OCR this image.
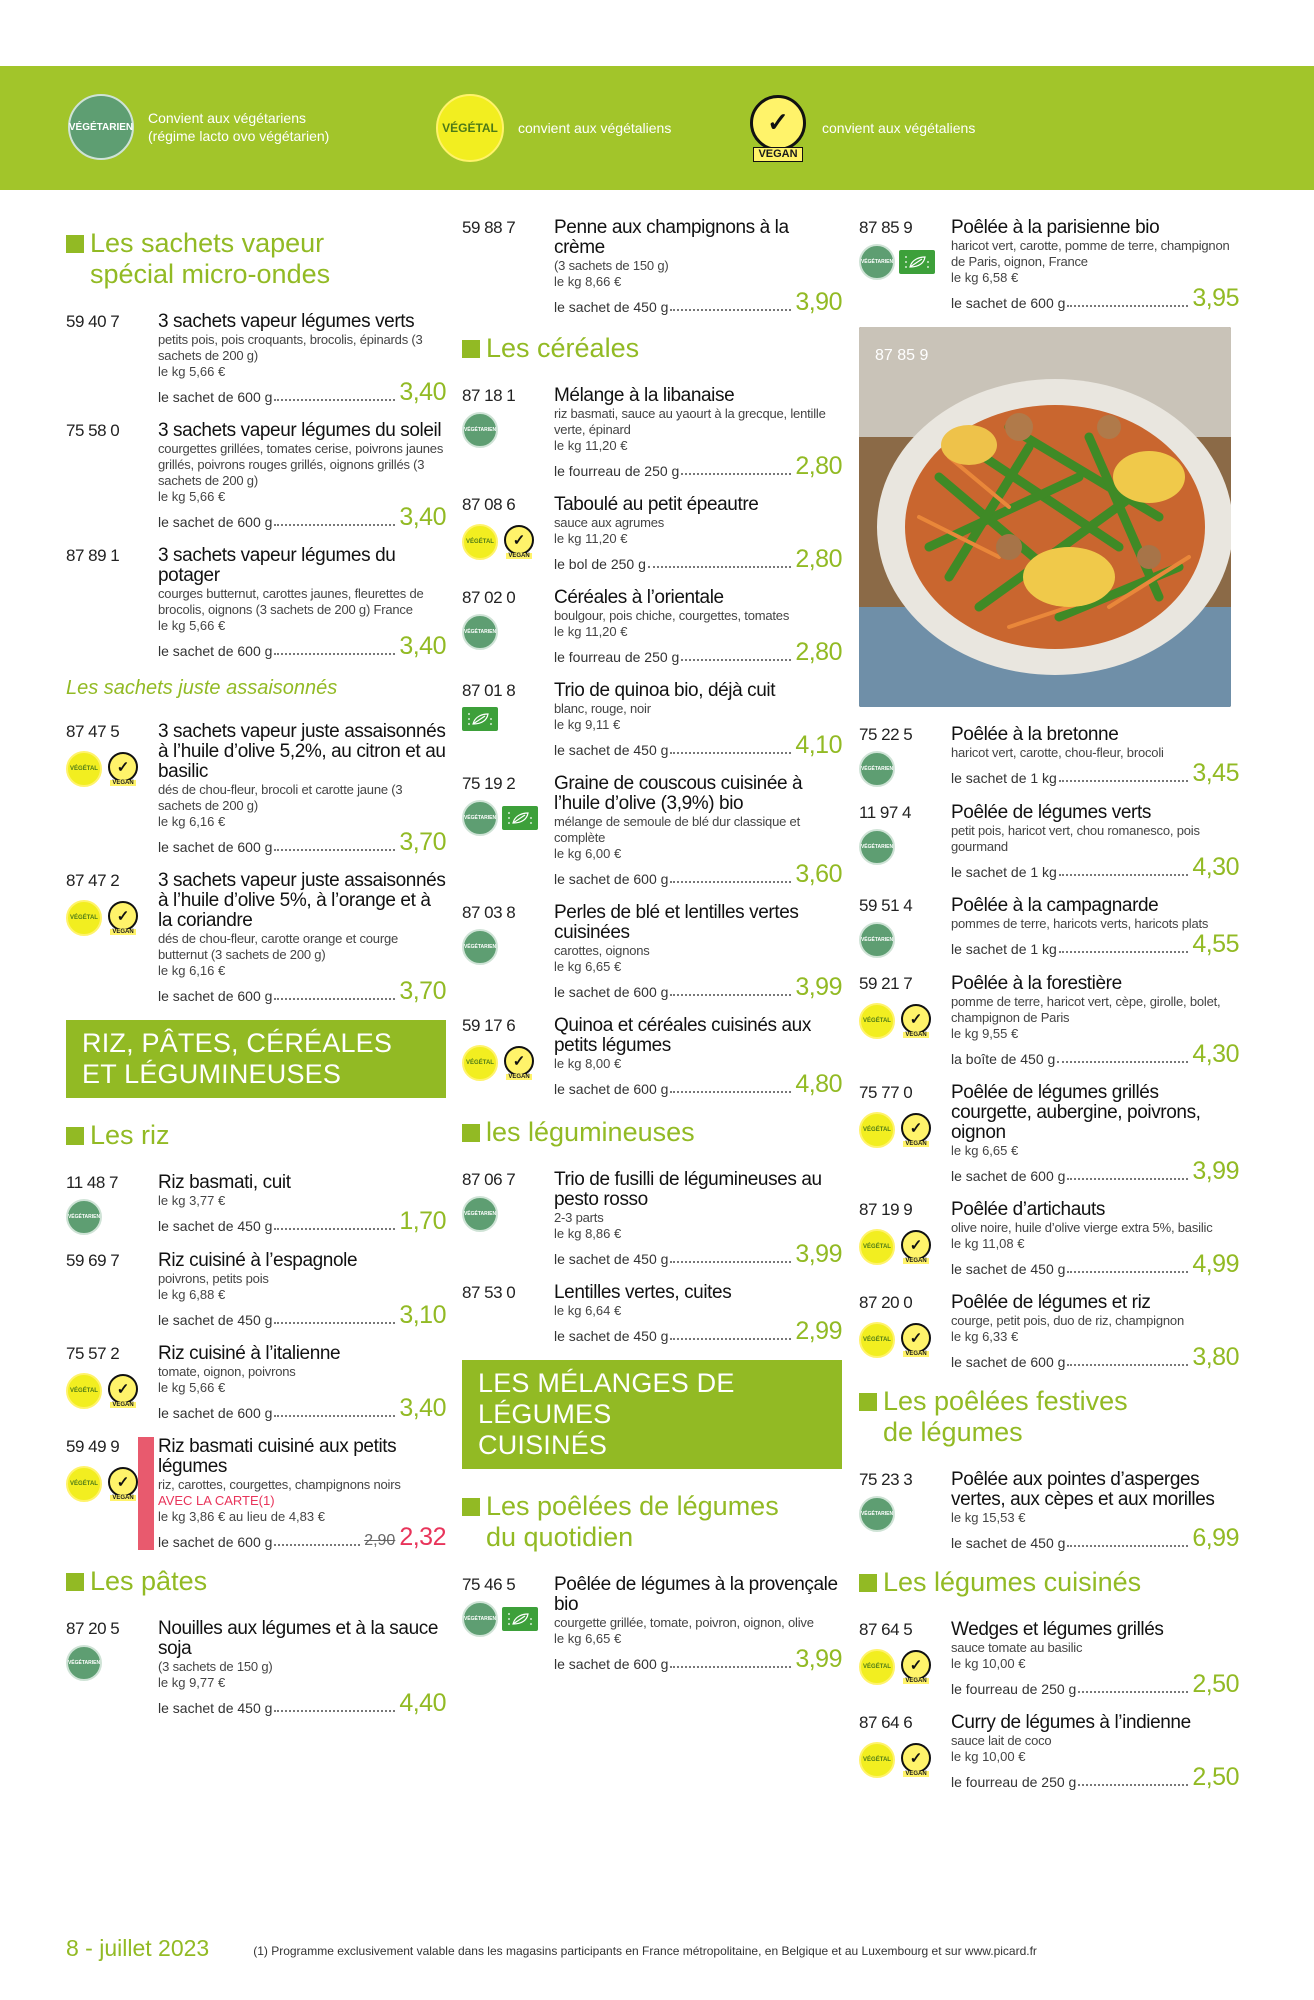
VÉGÉTARIEN
Convient aux végétariens
(régime lacto ovo végétarien)	VÉGÉTAL convient aux végétaliens	✓
VEGAN
convient aux végétaliens
Les sachets vapeur
spécial micro-ondes
59 40 7	3 sachets vapeur légumes verts
petits pois, pois croquants, brocolis, épinards (3 sachets de 200 g)
le kg 5,66 €
le sachet de 600 g	3,40
75 58 0	3 sachets vapeur légumes du soleil
courgettes grillées, tomates cerise, poivrons jaunes grillés, poivrons rouges grillés, oignons grillés (3 sachets de 200 g)
le kg 5,66 €
le sachet de 600 g	3,40
87 89 1	3 sachets vapeur légumes du potager
courges butternut, carottes jaunes, fleurettes de brocolis, oignons (3 sachets de 200 g) France
le kg 5,66 €
le sachet de 600 g	3,40
Les sachets juste assaisonnés
87 47 5
VÉGÉTAL	✓
VEGAN
3 sachets vapeur juste assaisonnés à l’huile d’olive 5,2%, au citron et au basilic
dés de chou-fleur, brocoli et carotte jaune (3 sachets de 200 g)
le kg 6,16 €
le sachet de 600 g	3,70
87 47 2
VÉGÉTAL	✓
VEGAN
3 sachets vapeur juste assaisonnés à l’huile d’olive 5%, à l’orange et à la coriandre
dés de chou-fleur, carotte orange et courge butternut (3 sachets de 200 g)
le kg 6,16 €
le sachet de 600 g	3,70
RIZ, PÂTES, CÉRÉALES
ET LÉGUMINEUSES
Les riz
11 48 7
VÉGÉTARIEN
Riz basmati, cuit
le kg 3,77 €
le sachet de 450 g	1,70
59 69 7	Riz cuisiné à l’espagnole
poivrons, petits pois
le kg 6,88 €
le sachet de 450 g	3,10
75 57 2
VÉGÉTAL	✓
VEGAN
Riz cuisiné à l’italienne
tomate, oignon, poivrons
le kg 5,66 €
le sachet de 600 g	3,40
59 49 9
VÉGÉTAL	✓
VEGAN
Riz basmati cuisiné aux petits légumes
riz, carottes, courgettes, champignons noirs
AVEC LA CARTE(1)
le kg 3,86 € au lieu de 4,83 €
le sachet de 600 g	2,90 2,32
Les pâtes
87 20 5
VÉGÉTARIEN
Nouilles aux légumes et à la sauce soja
(3 sachets de 150 g)
le kg 9,77 €
le sachet de 450 g	4,40
59 88 7	Penne aux champignons à la crème
(3 sachets de 150 g)
le kg 8,66 €
le sachet de 450 g	3,90
Les céréales
87 18 1
VÉGÉTARIEN
Mélange à la libanaise
riz basmati, sauce au yaourt à la grecque, lentille verte, épinard
le kg 11,20 €
le fourreau de 250 g	2,80
87 08 6
VÉGÉTAL	✓
VEGAN
Taboulé au petit épeautre
sauce aux agrumes
le kg 11,20 €
le bol de 250 g	2,80
87 02 0
VÉGÉTARIEN
Céréales à l’orientale
boulgour, pois chiche, courgettes, tomates
le kg 11,20 €
le fourreau de 250 g	2,80
87 01 8	Trio de quinoa bio, déjà cuit
blanc, rouge, noir
le kg 9,11 €
le sachet de 450 g	4,10
75 19 2
VÉGÉTARIEN
Graine de couscous cuisinée à l’huile d’olive (3,9%) bio
mélange de semoule de blé dur classique et complète
le kg 6,00 €
le sachet de 600 g	3,60
87 03 8
VÉGÉTARIEN
Perles de blé et lentilles vertes cuisinées
carottes, oignons
le kg 6,65 €
le sachet de 600 g	3,99
59 17 6
VÉGÉTAL	✓
VEGAN
Quinoa et céréales cuisinés aux petits légumes
le kg 8,00 €
le sachet de 600 g	4,80
les légumineuses
87 06 7
VÉGÉTARIEN
Trio de fusilli de légumineuses au pesto rosso
2-3 parts
le kg 8,86 €
le sachet de 450 g	3,99
87 53 0	Lentilles vertes, cuites
le kg 6,64 €
le sachet de 450 g	2,99
LES MÉLANGES DE LÉGUMES
CUISINÉS
Les poêlées de légumes
du quotidien
75 46 5
VÉGÉTARIEN
Poêlée de légumes à la provençale bio
courgette grillée, tomate, poivron, oignon, olive
le kg 6,65 €
le sachet de 600 g	3,99
87 85 9
VÉGÉTARIEN
Poêlée à la parisienne bio
haricot vert, carotte, pomme de terre, champignon de Paris, oignon, France
le kg 6,58 €
le sachet de 600 g	3,95
87 85 9
75 22 5
VÉGÉTARIEN
Poêlée à la bretonne
haricot vert, carotte, chou-fleur, brocoli
le sachet de 1 kg	3,45
11 97 4
VÉGÉTARIEN
Poêlée de légumes verts
petit pois, haricot vert, chou romanesco, pois gourmand
le sachet de 1 kg	4,30
59 51 4
VÉGÉTARIEN
Poêlée à la campagnarde
pommes de terre, haricots verts, haricots plats
le sachet de 1 kg	4,55
59 21 7
VÉGÉTAL	✓
VEGAN
Poêlée à la forestière
pomme de terre, haricot vert, cèpe, girolle, bolet, champignon de Paris
le kg 9,55 €
la boîte de 450 g	4,30
75 77 0
VÉGÉTAL	✓
VEGAN
Poêlée de légumes grillés courgette, aubergine, poivrons, oignon
le kg 6,65 €
le sachet de 600 g	3,99
87 19 9
VÉGÉTAL	✓
VEGAN
Poêlée d’artichauts
olive noire, huile d’olive vierge extra 5%, basilic
le kg 11,08 €
le sachet de 450 g	4,99
87 20 0
VÉGÉTAL	✓
VEGAN
Poêlée de légumes et riz
courge, petit pois, duo de riz, champignon
le kg 6,33 €
le sachet de 600 g	3,80
Les poêlées festives
de légumes
75 23 3
VÉGÉTARIEN
Poêlée aux pointes d’asperges vertes, aux cèpes et aux morilles
le kg 15,53 €
le sachet de 450 g	6,99
Les légumes cuisinés
87 64 5
VÉGÉTAL	✓
VEGAN
Wedges et légumes grillés
sauce tomate au basilic
le kg 10,00 €
le fourreau de 250 g	2,50
87 64 6
VÉGÉTAL	✓
VEGAN
Curry de légumes à l’indienne
sauce lait de coco
le kg 10,00 €
le fourreau de 250 g	2,50
8 - juillet 2023	(1) Programme exclusivement valable dans les magasins participants en France métropolitaine, en Belgique et au Luxembourg et sur www.picard.fr
